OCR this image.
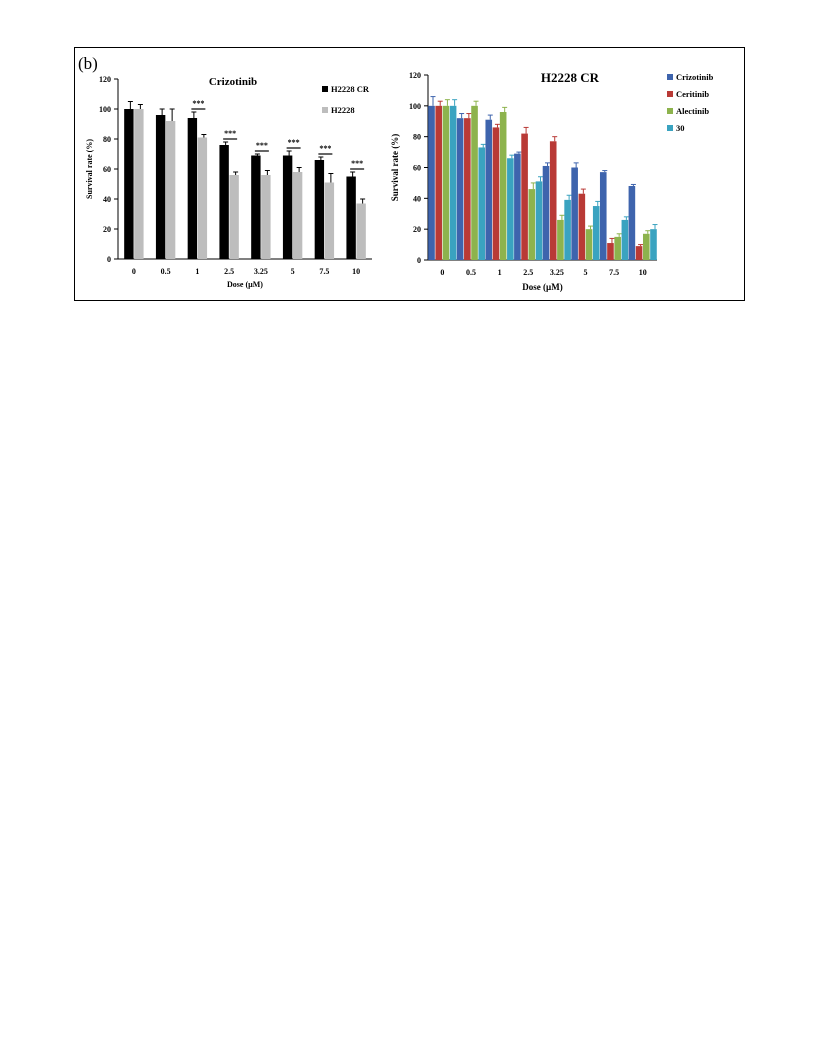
(b)
Crizotinib
0
20
40
60
80
100
120
Survival rate (%)
Dose (µM)
0	0.5	1
***
2.5
***
3.25
***
5
***
7.5
***
10
***
H2228 CR
H2228
H2228 CR
0
20
40
60
80
100
120
Survival rate (%)
Dose (µM)
0	0.5	1	2.5 3.25 5	7.5 10
Crizotinib
Ceritinib
Alectinib
30
